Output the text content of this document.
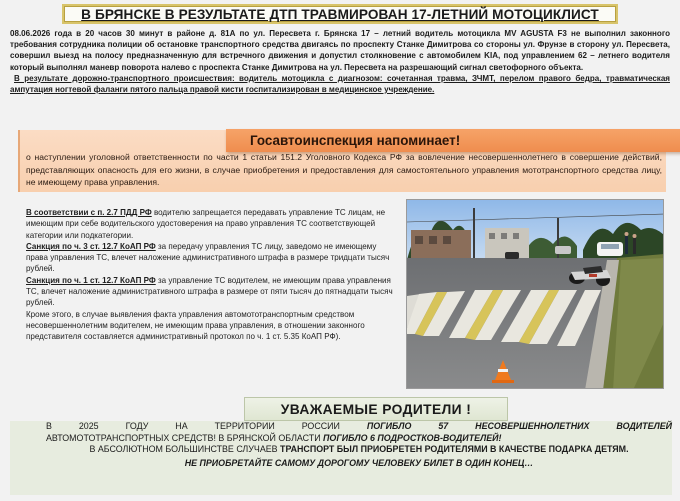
В БРЯНСКЕ В РЕЗУЛЬТАТЕ ДТП ТРАВМИРОВАН 17-ЛЕТНИЙ МОТОЦИКЛИСТ

08.06.2026 года в 20 часов 30 минут в районе д. 81А по ул. Пересвета г. Брянска 17 – летний водитель мотоцикла MV AGUSTA F3 не выполнил законного требования сотрудника полиции об остановке транспортного средства двигаясь по проспекту Станке Димитрова со стороны ул. Фрунзе в сторону ул. Пересвета, совершил выезд на полосу предназначенную для встречного движения и допустил столкновение с автомобилем KIA, под управлением 62 – летнего водителя который выполнял маневр поворота налево с проспекта Станке Димитрова на ул. Пересвета на разрешающий сигнал светофорного объекта.

В результате дорожно-транспортного происшествия: водитель мотоцикла с диагнозом: сочетанная травма, ЗЧМТ, перелом правого бедра, травматическая ампутация ногтевой фаланги пятого пальца правой кисти госпитализирован в медицинское учреждение.

Госавтоинспекция напоминает!
о наступлении уголовной ответственности по части 1 статьи 151.2 Уголовного Кодекса РФ за вовлечение несовершеннолетнего в совершение действий, представляющих опасность для его жизни, в случае приобретения и предоставления для самостоятельного управления мототранспортного средства лицу, не имеющему права управления.

В соответствии с п. 2.7 ПДД РФ водителю запрещается передавать управление ТС лицам, не имеющим при себе водительского удостоверения на право управления ТС соответствующей категории или подкатегории.

Санкция по ч. 3 ст. 12.7 КоАП РФ за передачу управления ТС лицу, заведомо не имеющему права управления ТС, влечет наложение административного штрафа в размере тридцати тысяч рублей.

Санкция по ч. 1 ст. 12.7 КоАП РФ за управление ТС водителем, не имеющим права управления ТС, влечет наложение административного штрафа в размере от пяти тысяч до пятнадцати тысяч рублей.

Кроме этого, в случае выявления факта управления автомототранспортным средством несовершеннолетним водителем, не имеющим права управления, в отношении законного представителя составляется административный протокол по ч. 1 ст. 5.35 КоАП РФ).

УВАЖАЕМЫЕ РОДИТЕЛИ !

В 2025 ГОДУ НА ТЕРРИТОРИИ РОССИИ ПОГИБЛО 57 НЕСОВЕРШЕННОЛЕТНИХ ВОДИТЕЛЕЙ

АВТОМОТОТРАНСПОРТНЫХ СРЕДСТВ! В БРЯНСКОЙ ОБЛАСТИ ПОГИБЛО 6 ПОДРОСТКОВ-ВОДИТЕЛЕЙ!

В АБСОЛЮТНОМ БОЛЬШИНСТВЕ СЛУЧАЕВ ТРАНСПОРТ БЫЛ ПРИОБРЕТЕН РОДИТЕЛЯМИ В КАЧЕСТВЕ ПОДАРКА ДЕТЯМ.

НЕ ПРИОБРЕТАЙТЕ САМОМУ ДОРОГОМУ ЧЕЛОВЕКУ БИЛЕТ В ОДИН КОНЕЦ…
